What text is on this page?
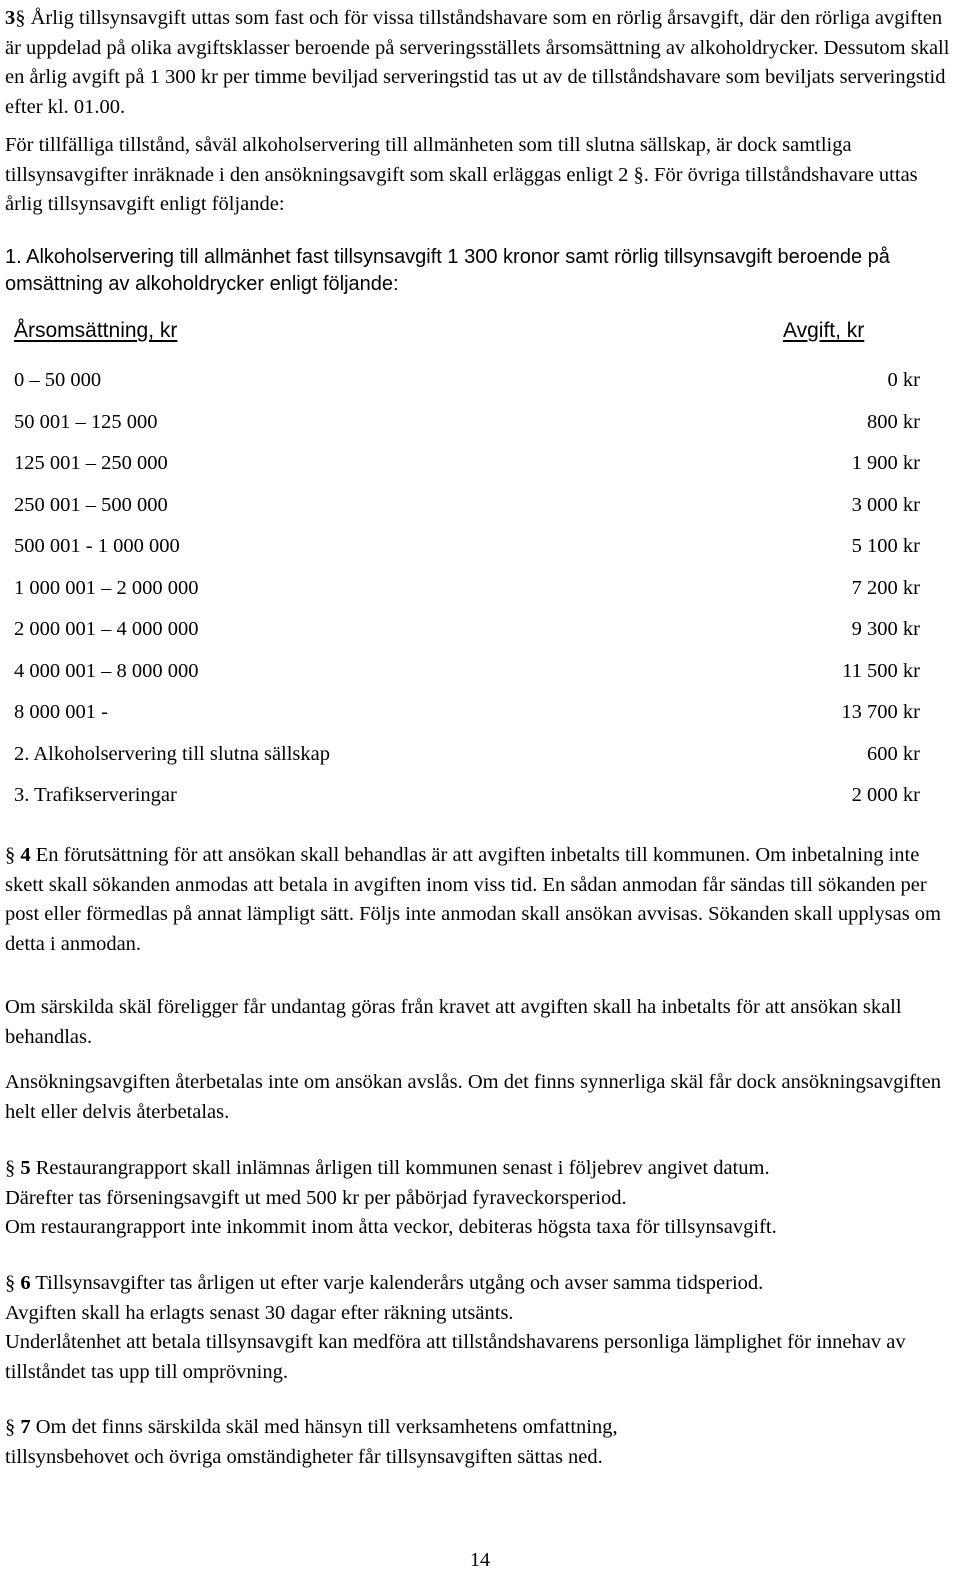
3§ Årlig tillsynsavgift uttas som fast och för vissa tillståndshavare som en rörlig årsavgift, där den rörliga avgiften är uppdelad på olika avgiftsklasser beroende på serveringsställets årsomsättning av alkoholdrycker. Dessutom skall en årlig avgift på 1 300 kr per timme beviljad serveringstid tas ut av de tillståndshavare som beviljats serveringstid efter kl. 01.00.

För tillfälliga tillstånd, såväl alkoholservering till allmänheten som till slutna sällskap, är dock samtliga tillsynsavgifter inräknade i den ansökningsavgift som skall erläggas enligt 2 §. För övriga tillståndshavare uttas årlig tillsynsavgift enligt följande:

1. Alkoholservering till allmänhet fast tillsynsavgift 1 300 kronor samt rörlig tillsynsavgift beroende på omsättning av alkoholdrycker enligt följande:

Årsomsättning, kr	Avgift, kr
0 – 50 000	0 kr
50 001 – 125 000	800 kr
125 001 – 250 000	1 900 kr
250 001 – 500 000	3 000 kr
500 001 - 1 000 000	5 100 kr
1 000 001 – 2 000 000	7 200 kr
2 000 001 – 4 000 000	9 300 kr
4 000 001 – 8 000 000	11 500 kr
8 000 001 -	13 700 kr
2. Alkoholservering till slutna sällskap	600 kr
3. Trafikserveringar	2 000 kr

§ 4 En förutsättning för att ansökan skall behandlas är att avgiften inbetalts till kommunen. Om inbetalning inte skett skall sökanden anmodas att betala in avgiften inom viss tid. En sådan anmodan får sändas till sökanden per post eller förmedlas på annat lämpligt sätt. Följs inte anmodan skall ansökan avvisas. Sökanden skall upplysas om detta i anmodan.

Om särskilda skäl föreligger får undantag göras från kravet att avgiften skall ha inbetalts för att ansökan skall behandlas.

Ansökningsavgiften återbetalas inte om ansökan avslås. Om det finns synnerliga skäl får dock ansökningsavgiften helt eller delvis återbetalas.

§ 5 Restaurangrapport skall inlämnas årligen till kommunen senast i följebrev angivet datum.
Därefter tas förseningsavgift ut med 500 kr per påbörjad fyraveckorsperiod.
Om restaurangrapport inte inkommit inom åtta veckor, debiteras högsta taxa för tillsynsavgift.

§ 6 Tillsynsavgifter tas årligen ut efter varje kalenderårs utgång och avser samma tidsperiod.
Avgiften skall ha erlagts senast 30 dagar efter räkning utsänts.
Underlåtenhet att betala tillsynsavgift kan medföra att tillståndshavarens personliga lämplighet för innehav av tillståndet tas upp till omprövning.

§ 7 Om det finns särskilda skäl med hänsyn till verksamhetens omfattning,
tillsynsbehovet och övriga omständigheter får tillsynsavgiften sättas ned.

14
